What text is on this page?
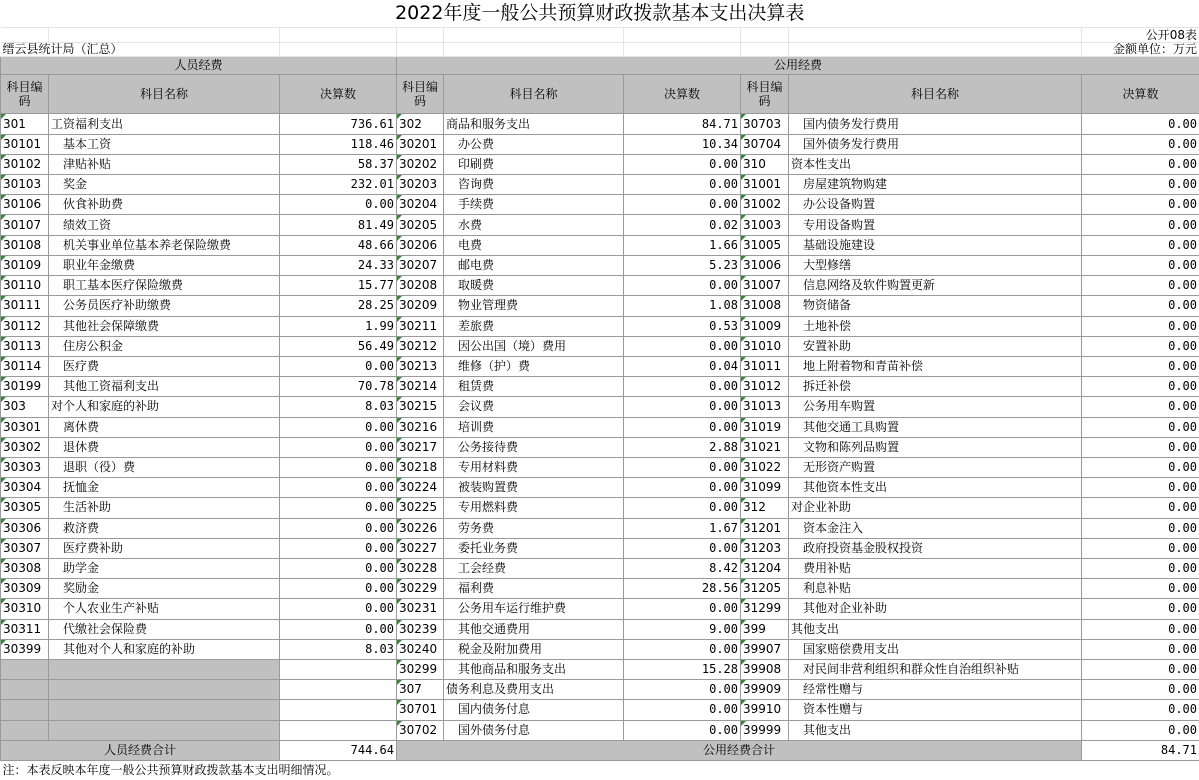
2022年度一般公共预算财政拨款基本支出决算表								

								公开08表
缙云县统计局（汇总）								金额单位：万元
人员经费			公用经费					
科目编码	科目名称	决算数	科目编码	科目名称	决算数	科目编码	科目名称	决算数
301	工资福利支出	736.61	302	商品和服务支出	84.71	30703	国内债务发行费用	0.00
30101	基本工资	118.46	30201	办公费	10.34	30704	国外债务发行费用	0.00
30102	津贴补贴	58.37	30202	印刷费	0.00	310	资本性支出	0.00
30103	奖金	232.01	30203	咨询费	0.00	31001	房屋建筑物购建	0.00
30106	伙食补助费	0.00	30204	手续费	0.00	31002	办公设备购置	0.00
30107	绩效工资	81.49	30205	水费	0.02	31003	专用设备购置	0.00
30108	机关事业单位基本养老保险缴费	48.66	30206	电费	1.66	31005	基础设施建设	0.00
30109	职业年金缴费	24.33	30207	邮电费	5.23	31006	大型修缮	0.00
30110	职工基本医疗保险缴费	15.77	30208	取暖费	0.00	31007	信息网络及软件购置更新	0.00
30111	公务员医疗补助缴费	28.25	30209	物业管理费	1.08	31008	物资储备	0.00
30112	其他社会保障缴费	1.99	30211	差旅费	0.53	31009	土地补偿	0.00
30113	住房公积金	56.49	30212	因公出国（境）费用	0.00	31010	安置补助	0.00
30114	医疗费	0.00	30213	维修（护）费	0.04	31011	地上附着物和青苗补偿	0.00
30199	其他工资福利支出	70.78	30214	租赁费	0.00	31012	拆迁补偿	0.00
303	对个人和家庭的补助	8.03	30215	会议费	0.00	31013	公务用车购置	0.00
30301	离休费	0.00	30216	培训费	0.00	31019	其他交通工具购置	0.00
30302	退休费	0.00	30217	公务接待费	2.88	31021	文物和陈列品购置	0.00
30303	退职（役）费	0.00	30218	专用材料费	0.00	31022	无形资产购置	0.00
30304	抚恤金	0.00	30224	被装购置费	0.00	31099	其他资本性支出	0.00
30305	生活补助	0.00	30225	专用燃料费	0.00	312	对企业补助	0.00
30306	救济费	0.00	30226	劳务费	1.67	31201	资本金注入	0.00
30307	医疗费补助	0.00	30227	委托业务费	0.00	31203	政府投资基金股权投资	0.00
30308	助学金	0.00	30228	工会经费	8.42	31204	费用补贴	0.00
30309	奖励金	0.00	30229	福利费	28.56	31205	利息补贴	0.00
30310	个人农业生产补贴	0.00	30231	公务用车运行维护费	0.00	31299	其他对企业补助	0.00
30311	代缴社会保险费	0.00	30239	其他交通费用	9.00	399	其他支出	0.00
30399	其他对个人和家庭的补助	8.03	30240	税金及附加费用	0.00	39907	国家赔偿费用支出	0.00
			30299	其他商品和服务支出	15.28	39908	对民间非营利组织和群众性自治组织补贴	0.00
			307	债务利息及费用支出	0.00	39909	经常性赠与	0.00
			30701	国内债务付息	0.00	39910	资本性赠与	0.00
			30702	国外债务付息	0.00	39999	其他支出	0.00
人员经费合计		744.64	公用经费合计					84.71
注：本表反映本年度一般公共预算财政拨款基本支出明细情况。								
